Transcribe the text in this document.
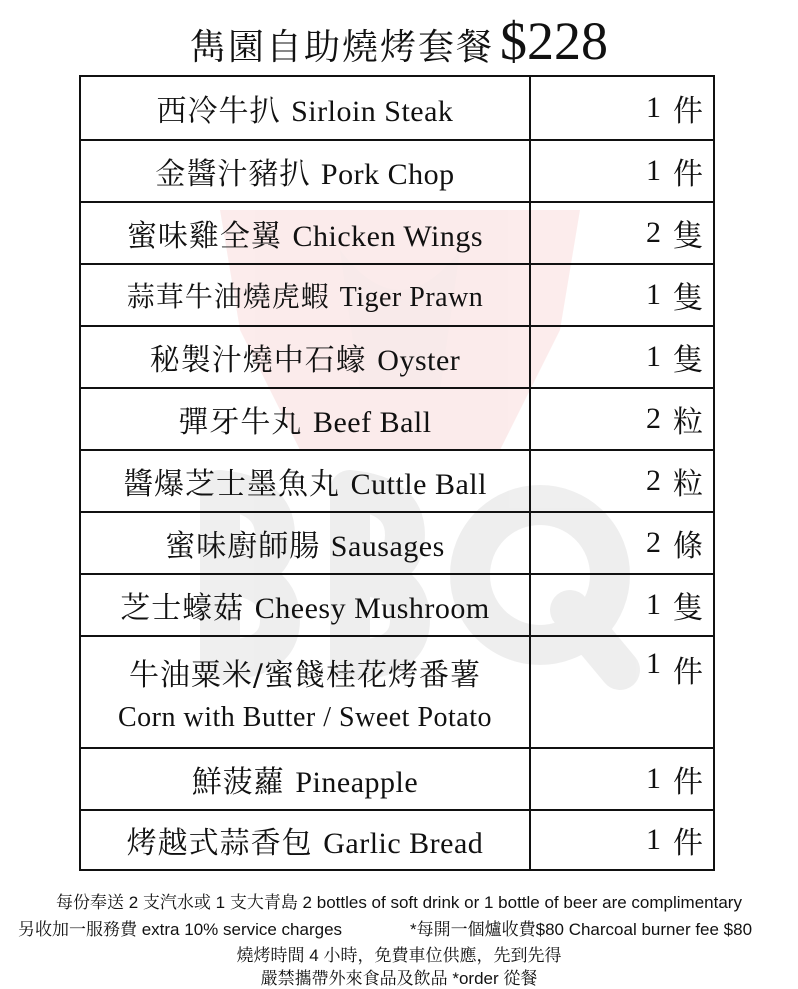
雋園自助燒烤套餐 $228
西冷牛扒 Sirloin Steak	1 件
金醬汁豬扒 Pork Chop	1 件
蜜味雞全翼 Chicken Wings	2 隻
蒜茸牛油燒虎蝦 Tiger Prawn	1 隻
秘製汁燒中石蠔 Oyster	1 隻
彈牙牛丸 Beef Ball	2 粒
醬爆芝士墨魚丸 Cuttle Ball	2 粒
蜜味廚師腸 Sausages	2 條
芝士蠔菇 Cheesy Mushroom	1 隻
牛油粟米/蜜餞桂花烤番薯
Corn with Butter / Sweet Potato
1 件
鮮菠蘿 Pineapple	1 件
烤越式蒜香包 Garlic Bread	1 件
每份奉送 2 支汽水或 1 支大青島 2 bottles of soft drink or 1 bottle of beer are complimentary
另收加一服務費 extra 10% service charges	*每開一個爐收費$80 Charcoal burner fee $80
燒烤時間 4 小時，免費車位供應，先到先得
嚴禁攜帶外來食品及飲品 *order 從餐
